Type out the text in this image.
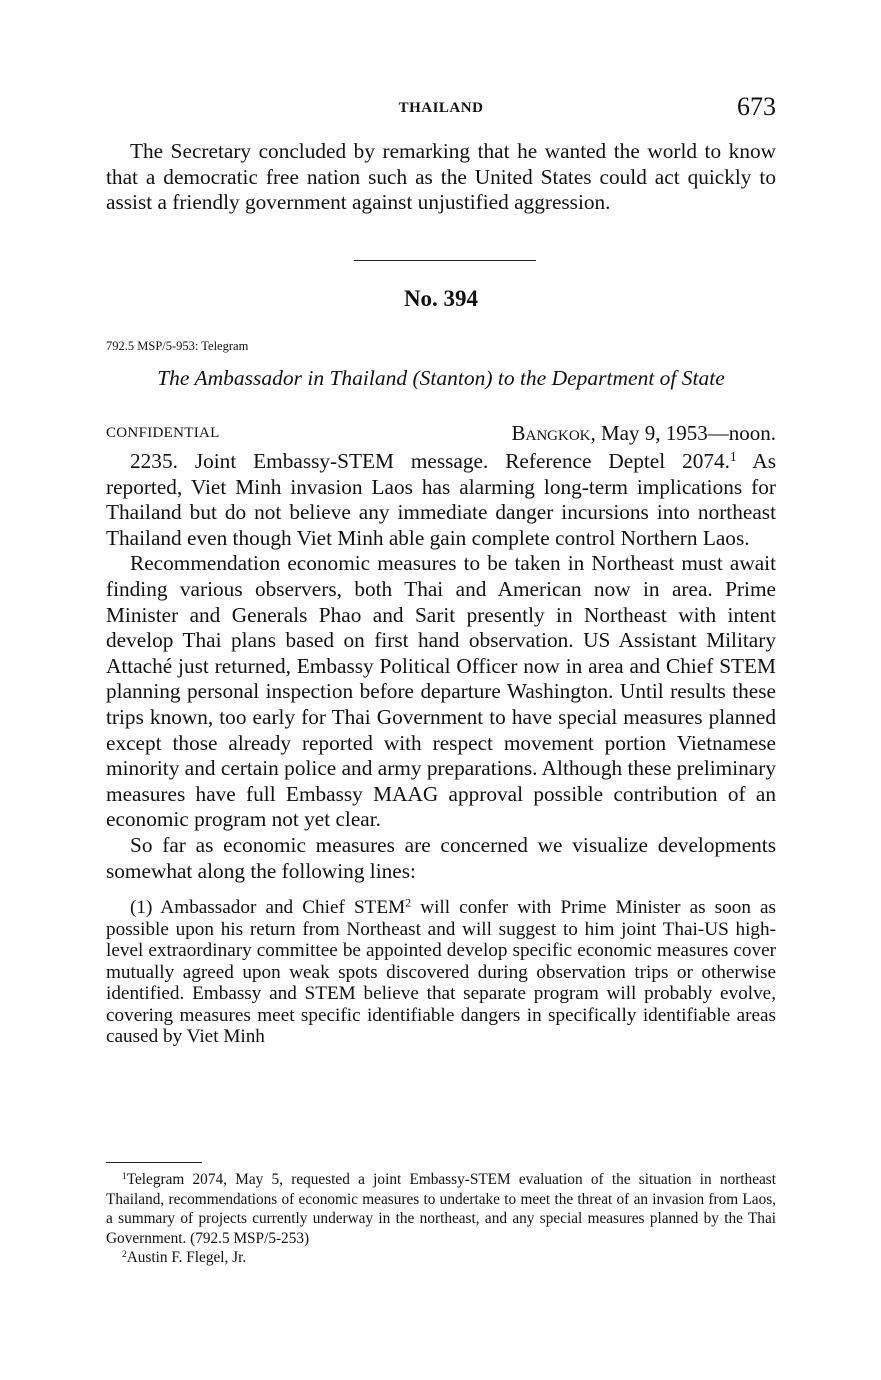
THAILAND	673

The Secretary concluded by remarking that he wanted the world to know that a democratic free nation such as the United States could act quickly to assist a friendly government against unjustified aggression.

No. 394
792.5 MSP/5-953: Telegram
The Ambassador in Thailand (Stanton) to the Department of State
CONFIDENTIAL	Bangkok, May 9, 1953—noon.

2235. Joint Embassy-STEM message. Reference Deptel 2074.$^1$ As reported, Viet Minh invasion Laos has alarming long-term implications for Thailand but do not believe any immediate danger incursions into northeast Thailand even though Viet Minh able gain complete control Northern Laos.

Recommendation economic measures to be taken in Northeast must await finding various observers, both Thai and American now in area. Prime Minister and Generals Phao and Sarit presently in Northeast with intent develop Thai plans based on first hand observation. US Assistant Military Attaché just returned, Embassy Political Officer now in area and Chief STEM planning personal inspection before departure Washington. Until results these trips known, too early for Thai Government to have special measures planned except those already reported with respect movement portion Vietnamese minority and certain police and army preparations. Although these preliminary measures have full Embassy MAAG approval possible contribution of an economic program not yet clear.

So far as economic measures are concerned we visualize developments somewhat along the following lines:

(1) Ambassador and Chief STEM$^2$ will confer with Prime Minister as soon as possible upon his return from Northeast and will suggest to him joint Thai-US high-level extraordinary committee be appointed develop specific economic measures cover mutually agreed upon weak spots discovered during observation trips or otherwise identified. Embassy and STEM believe that separate program will probably evolve, covering measures meet specific identifiable dangers in specifically identifiable areas caused by Viet Minh

$^1$Telegram 2074, May 5, requested a joint Embassy-STEM evaluation of the situation in northeast Thailand, recommendations of economic measures to undertake to meet the threat of an invasion from Laos, a summary of projects currently underway in the northeast, and any special measures planned by the Thai Government. (792.5 MSP/5-253)

$^2$Austin F. Flegel, Jr.
